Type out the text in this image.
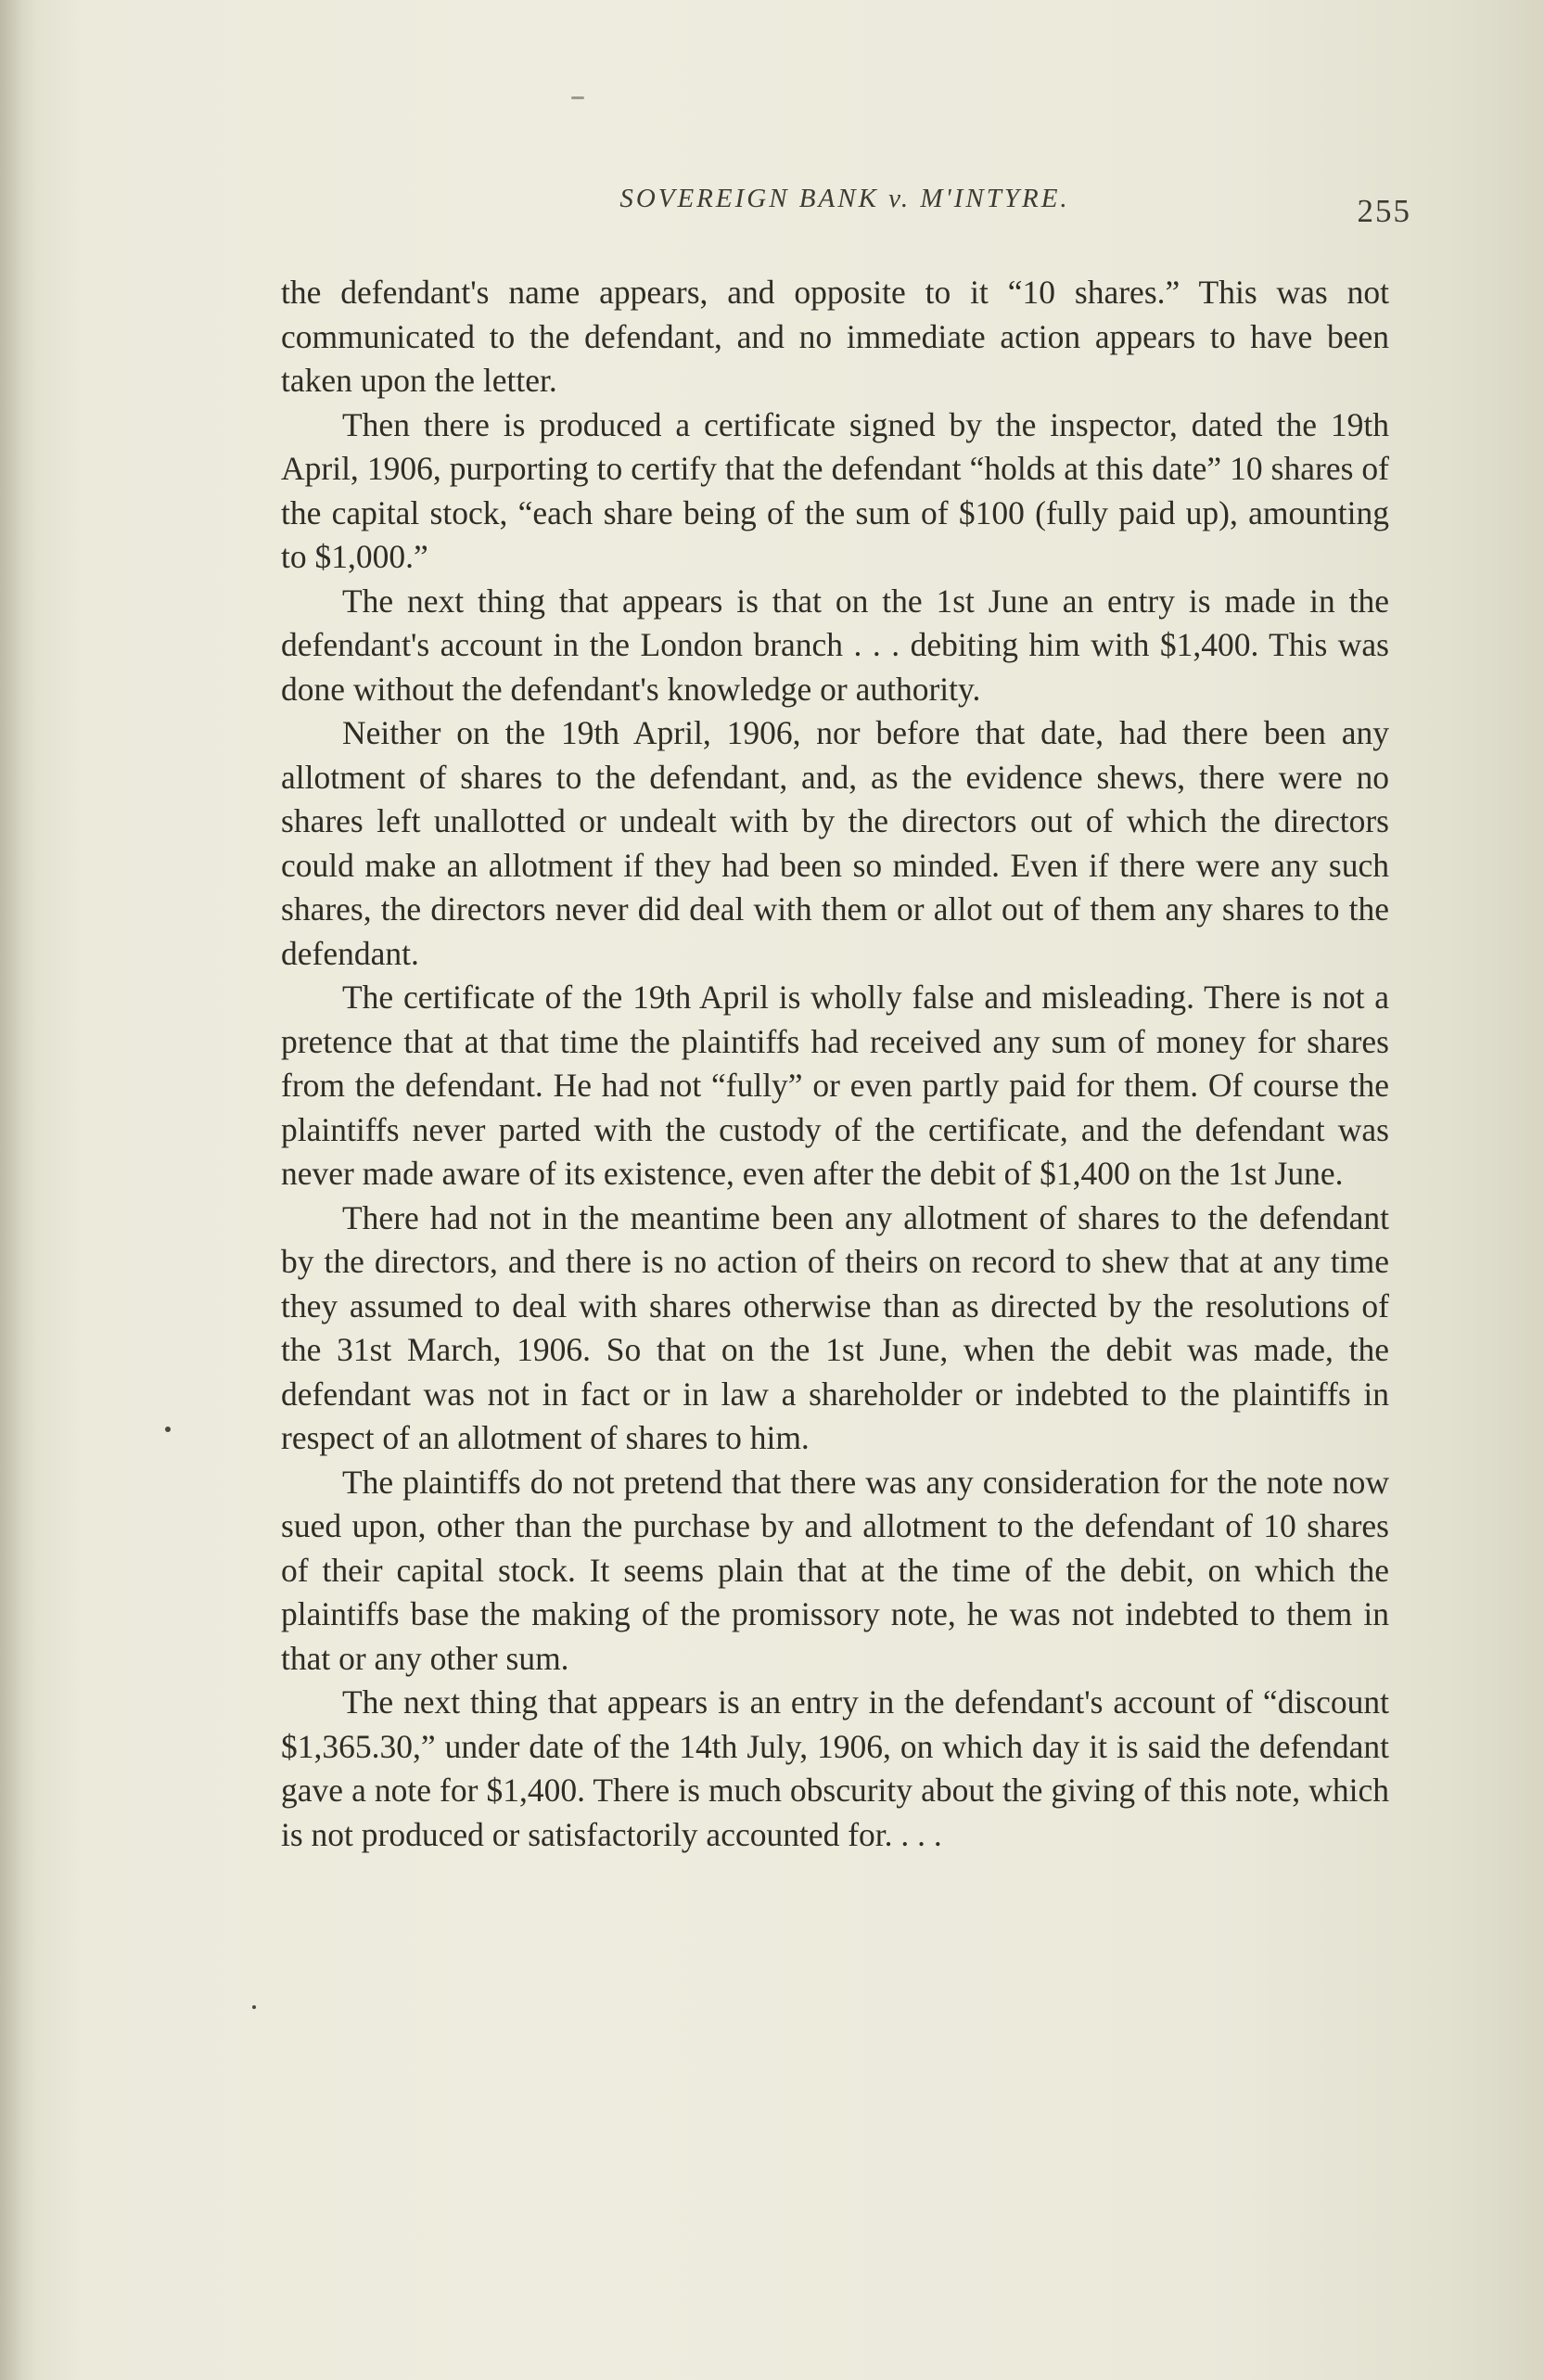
SOVEREIGN BANK v. M'INTYRE.	255

the defendant's name appears, and opposite to it “10 shares.” This was not communicated to the defendant, and no immediate action appears to have been taken upon the letter.

Then there is produced a certificate signed by the inspector, dated the 19th April, 1906, purporting to certify that the defendant “holds at this date” 10 shares of the capital stock, “each share being of the sum of $100 (fully paid up), amounting to $1,000.”

The next thing that appears is that on the 1st June an entry is made in the defendant's account in the London branch . . . debiting him with $1,400. This was done without the defendant's knowledge or authority.

Neither on the 19th April, 1906, nor before that date, had there been any allotment of shares to the defendant, and, as the evidence shews, there were no shares left unallotted or undealt with by the directors out of which the directors could make an allotment if they had been so minded. Even if there were any such shares, the directors never did deal with them or allot out of them any shares to the defendant.

The certificate of the 19th April is wholly false and misleading. There is not a pretence that at that time the plaintiffs had received any sum of money for shares from the defendant. He had not “fully” or even partly paid for them. Of course the plaintiffs never parted with the custody of the certificate, and the defendant was never made aware of its existence, even after the debit of $1,400 on the 1st June.

There had not in the meantime been any allotment of shares to the defendant by the directors, and there is no action of theirs on record to shew that at any time they assumed to deal with shares otherwise than as directed by the resolutions of the 31st March, 1906. So that on the 1st June, when the debit was made, the defendant was not in fact or in law a shareholder or indebted to the plaintiffs in respect of an allotment of shares to him.

The plaintiffs do not pretend that there was any consideration for the note now sued upon, other than the purchase by and allotment to the defendant of 10 shares of their capital stock. It seems plain that at the time of the debit, on which the plaintiffs base the making of the promissory note, he was not indebted to them in that or any other sum.

The next thing that appears is an entry in the defendant's account of “discount $1,365.30,” under date of the 14th July, 1906, on which day it is said the defendant gave a note for $1,400. There is much obscurity about the giving of this note, which is not produced or satisfactorily accounted for. . . .
